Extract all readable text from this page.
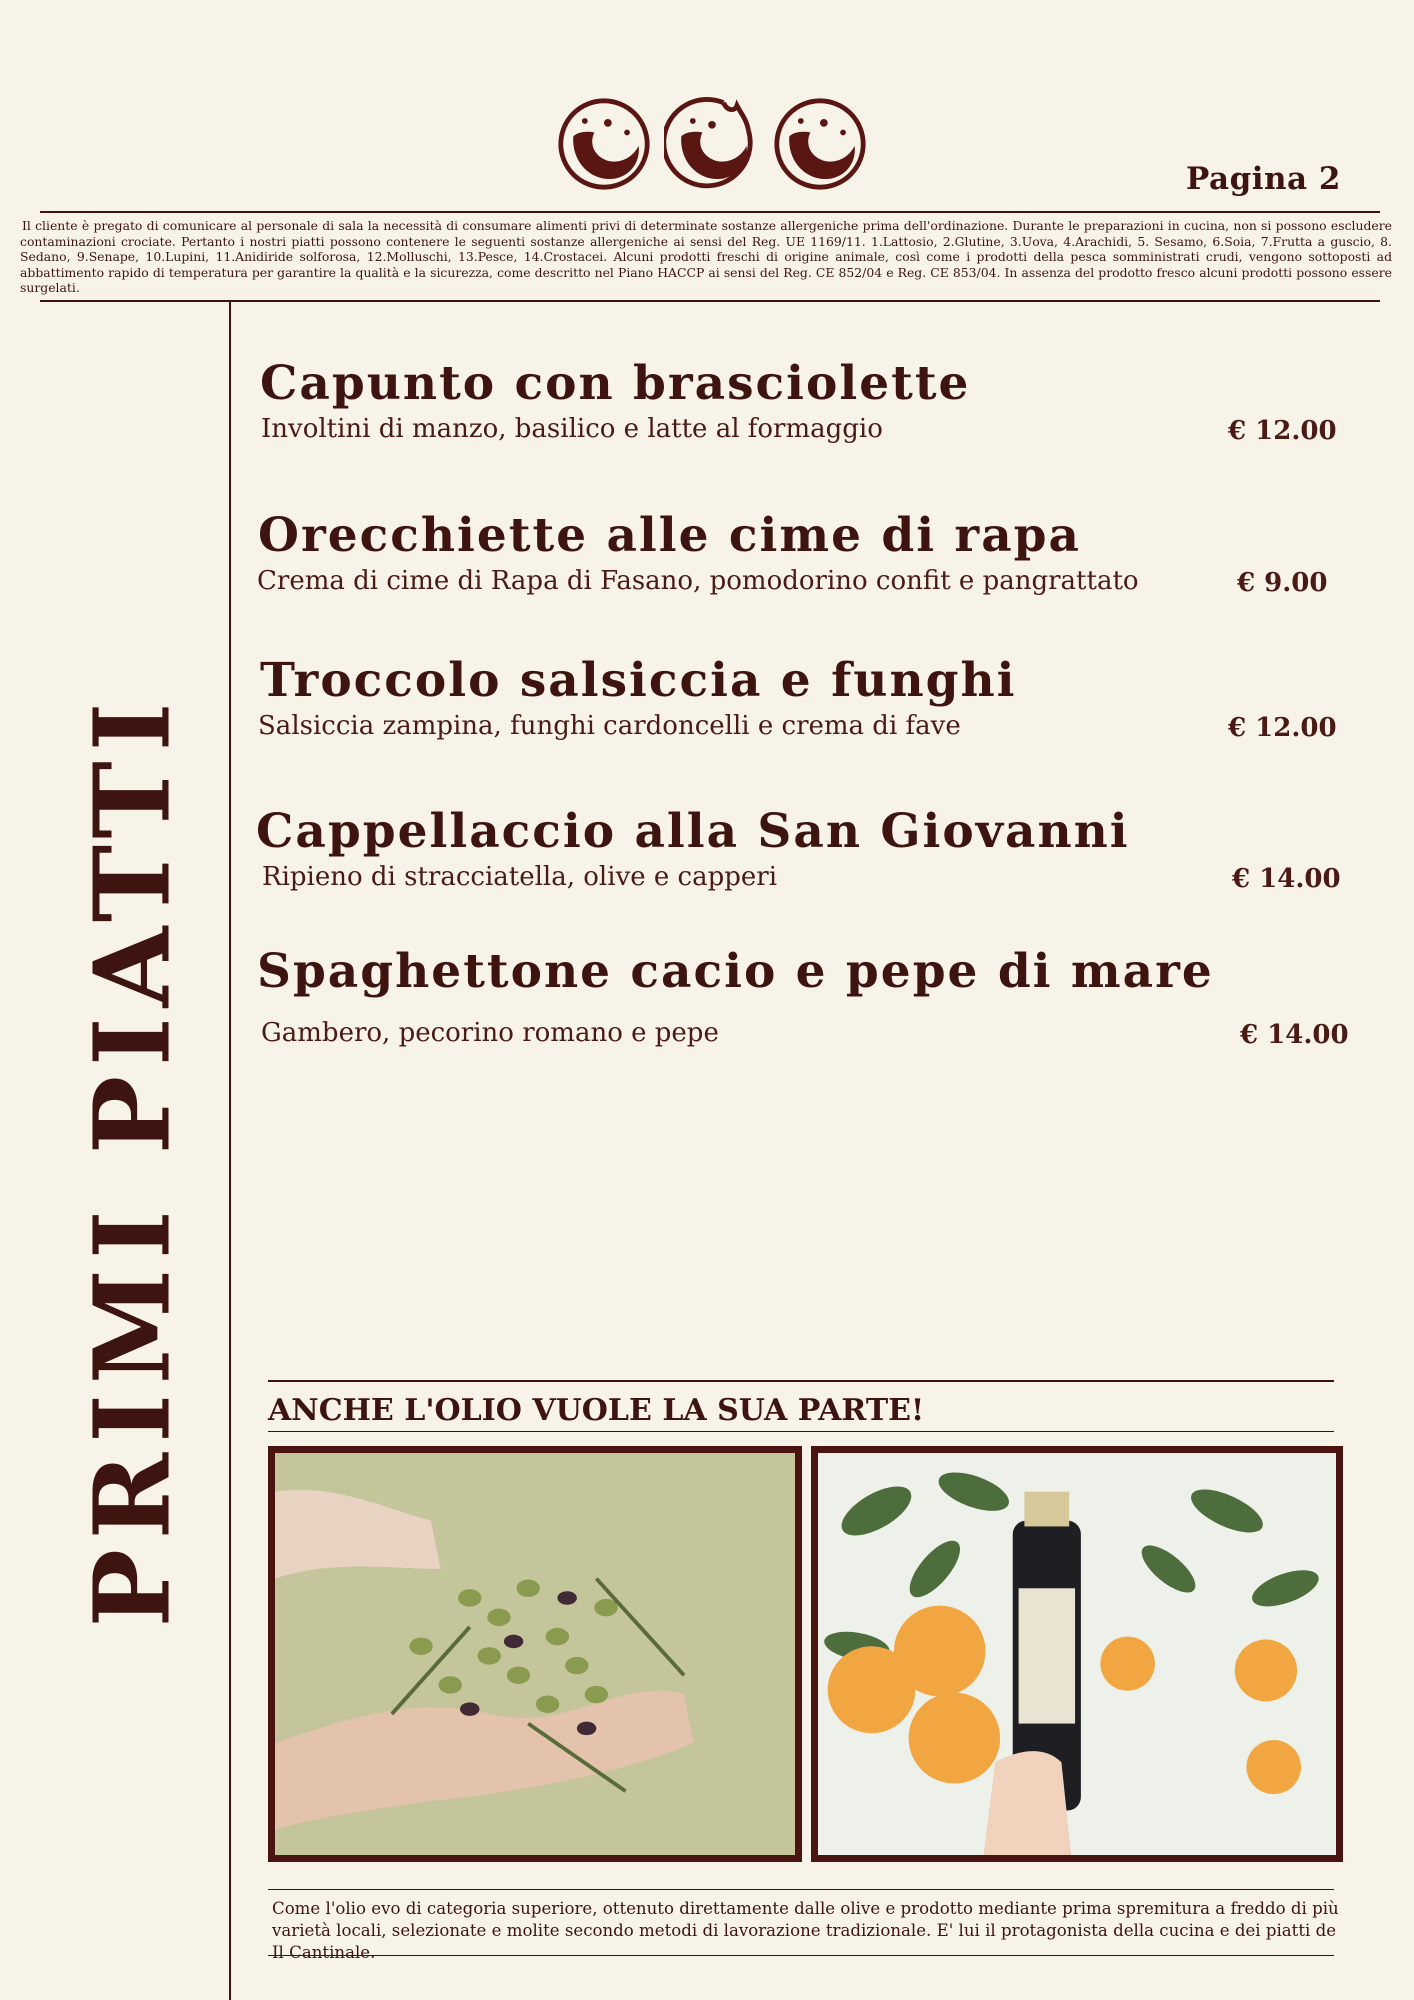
Pagina 2
Il cliente è pregato di comunicare al personale di sala la necessità di consumare alimenti privi di determinate sostanze allergeniche prima dell'ordinazione. Durante le preparazioni in cucina, non si possono escludere contaminazioni crociate. Pertanto i nostri piatti possono contenere le seguenti sostanze allergeniche ai sensi del Reg. UE 1169/11. 1.Lattosio, 2.Glutine, 3.Uova, 4.Arachidi, 5. Sesamo, 6.Soia, 7.Frutta a guscio, 8. Sedano, 9.Senape, 10.Lupini, 11.Anidiride solforosa, 12.Molluschi, 13.Pesce, 14.Crostacei. Alcuni prodotti freschi di origine animale, così come i prodotti della pesca somministrati crudi, vengono sottoposti ad abbattimento rapido di temperatura per garantire la qualità e la sicurezza, come descritto nel Piano HACCP ai sensi del Reg. CE 852/04 e Reg. CE 853/04. In assenza del prodotto fresco alcuni prodotti possono essere surgelati.
PRIMI PIATTI
Capunto con brasciolette
Involtini di manzo, basilico e latte al formaggio	€ 12.00
Orecchiette alle cime di rapa
Crema di cime di Rapa di Fasano, pomodorino confit e pangrattato	€ 9.00
Troccolo salsiccia e funghi
Salsiccia zampina, funghi cardoncelli e crema di fave	€ 12.00
Cappellaccio alla San Giovanni
Ripieno di stracciatella, olive e capperi	€ 14.00
Spaghettone cacio e pepe di mare
Gambero, pecorino romano e pepe	€ 14.00
ANCHE L'OLIO VUOLE LA SUA PARTE!
Come l'olio evo di categoria superiore, ottenuto direttamente dalle olive e prodotto mediante prima spremitura a freddo di più varietà locali, selezionate e molite secondo metodi di lavorazione tradizionale. E' lui il protagonista della cucina e dei piatti de Il Cantinale.
